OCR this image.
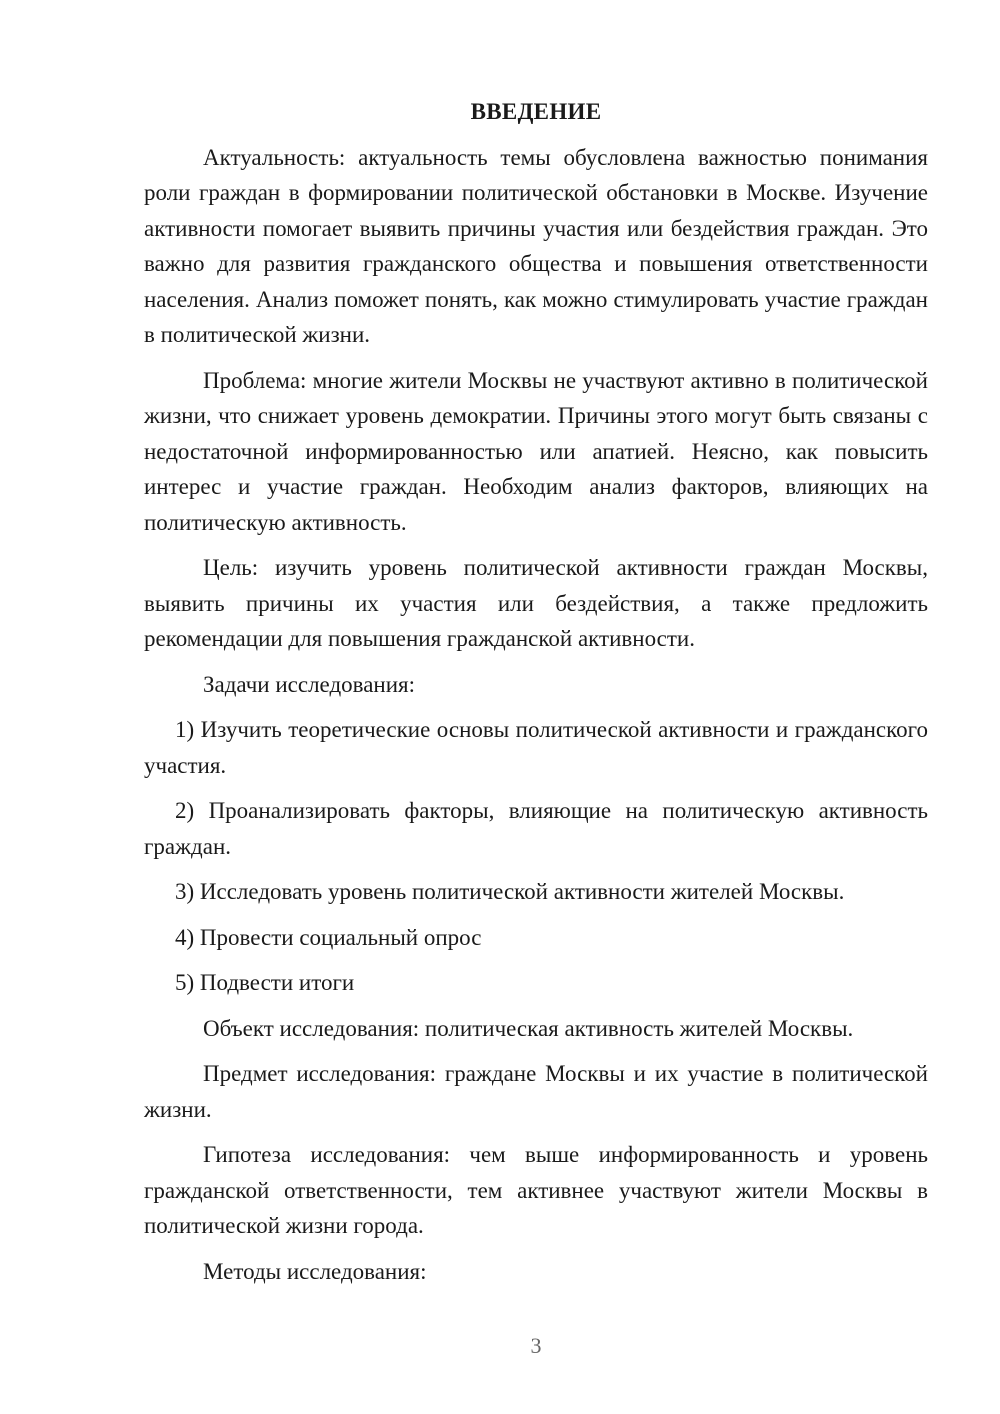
ВВЕДЕНИЕ

Актуальность: актуальность темы обусловлена важностью понимания роли граждан в формировании политической обстановки в Москве. Изучение активности помогает выявить причины участия или бездействия граждан. Это важно для развития гражданского общества и повышения ответственности населения. Анализ поможет понять, как можно стимулировать участие граждан в политической жизни.

Проблема: многие жители Москвы не участвуют активно в политической жизни, что снижает уровень демократии. Причины этого могут быть связаны с недостаточной информированностью или апатией. Неясно, как повысить интерес и участие граждан. Необходим анализ факторов, влияющих на политическую активность.

Цель: изучить уровень политической активности граждан Москвы, выявить причины их участия или бездействия, а также предложить рекомендации для повышения гражданской активности.

Задачи исследования:

1) Изучить теоретические основы политической активности и гражданского участия.

2) Проанализировать факторы, влияющие на политическую активность граждан.

3) Исследовать уровень политической активности жителей Москвы.

4) Провести социальный опрос

5) Подвести итоги

Объект исследования: политическая активность жителей Москвы.

Предмет исследования: граждане Москвы и их участие в политической жизни.

Гипотеза исследования: чем выше информированность и уровень гражданской ответственности, тем активнее участвуют жители Москвы в политической жизни города.

Методы исследования:

3
